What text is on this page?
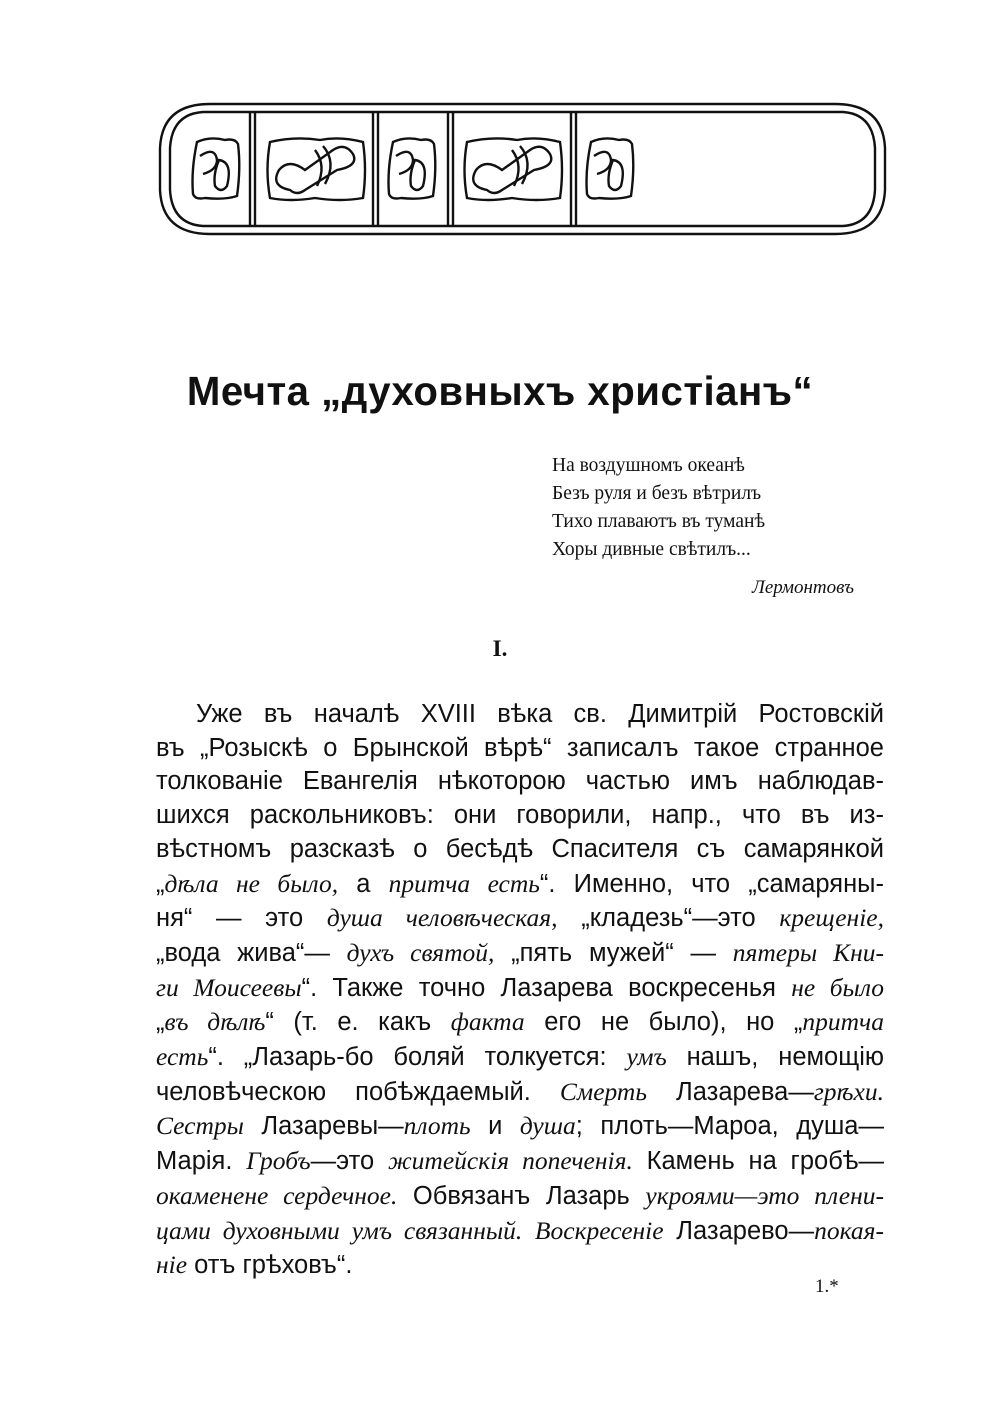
Мечта „духовныхъ христіанъ“
На воздушномъ океанѣ
Безъ руля и безъ вѣтрилъ
Тихо плаваютъ въ туманѣ
Хоры дивные свѣтилъ...
Лермонтовъ
I.
Уже въ началѣ XVIII вѣка св. Димитрій Ростовскій
въ „Розыскѣ о Брынской вѣрѣ“ записалъ такое странное
толкованіе Евангелія нѣкоторою частью имъ наблюдав-
шихся раскольниковъ: они говорили, напр., что въ из-
вѣстномъ разсказѣ о бесѣдѣ Спасителя съ самарянкой
„дѣла не было, а притча есть“. Именно, что „самаряны-
ня“ — это душа человѣческая, „кладезь“—это крещеніе,
„вода жива“— духъ святой, „пять мужей“ — пятеры Кни-
ги Моисеевы“. Также точно Лазарева воскресенья не было
„въ дѣлѣ“ (т. е. какъ факта его не было), но „притча
есть“. „Лазарь-бо боляй толкуется: умъ нашъ, немощію
человѣческою побѣждаемый. Смерть Лазарева—грѣхи.
Сестры Лазаревы—плоть и душа; плоть—Мароа, душа—
Марія. Гробъ—это житейскія попеченія. Камень на гробѣ—
окаменене сердечное. Обвязанъ Лазарь укроями—это плени-
цами духовными умъ связанный. Воскресеніе Лазарево—покая-
ніе отъ грѣховъ“.
1.*
